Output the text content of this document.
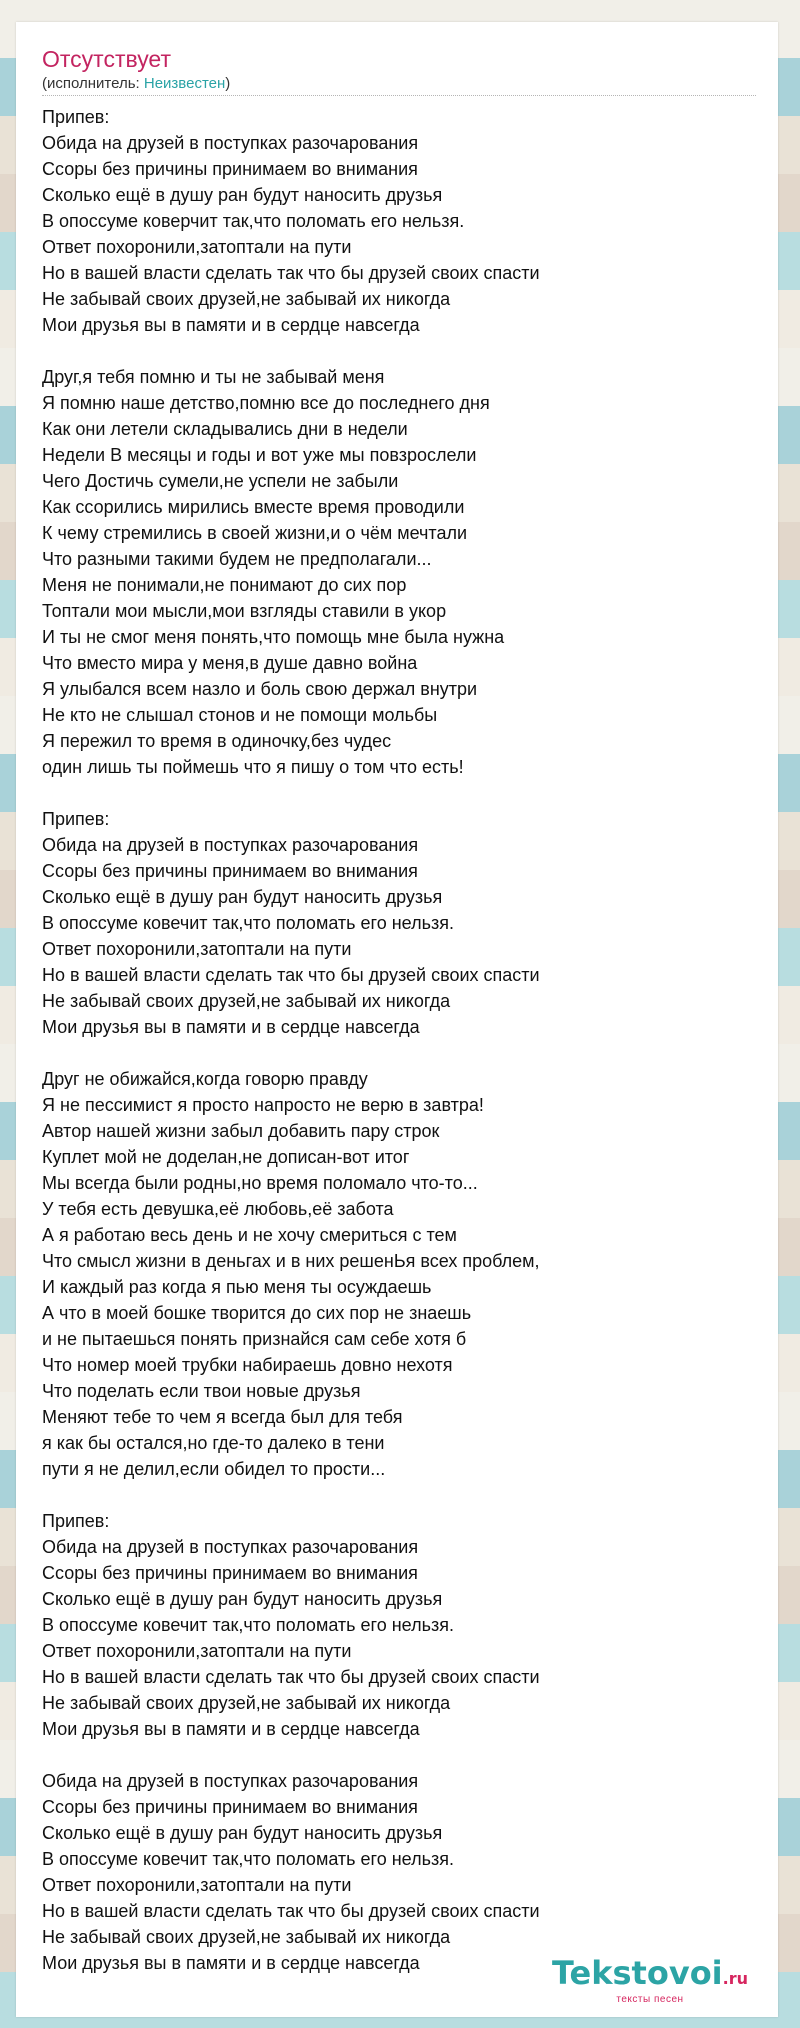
Отсутствует
(исполнитель: Неизвестен)
Припев:
Обида на друзей в поступках разочарования
Ссоры без причины принимаем во внимания
Сколько ещё в душу ран будут наносить друзья
В опоссуме коверчит так,что поломать его нельзя.
Ответ похоронили,затоптали на пути
Но в вашей власти сделать так что бы друзей своих спасти
Не забывай своих друзей,не забывай их никогда
Мои друзья вы в памяти и в сердце навсегда
Друг,я тебя помню и ты не забывай меня
Я помню наше детство,помню все до последнего дня
Как они летели складывались дни в недели
Недели В месяцы и годы и вот уже мы повзрослели
Чего Достичь сумели,не успели не забыли
Как ссорились мирились вместе время проводили
К чему стремились в своей жизни,и о чём мечтали
Что разными такими будем не предполагали...
Меня не понимали,не понимают до сих пор
Топтали мои мысли,мои взгляды ставили в укор
И ты не смог меня понять,что помощь мне была нужна
Что вместо мира у меня,в душе давно война
Я улыбался всем назло и боль свою держал внутри
Не кто не слышал стонов и не помощи мольбы
Я пережил то время в одиночку,без чудес
один лишь ты поймешь что я пишу о том что есть!
Припев:
Обида на друзей в поступках разочарования
Ссоры без причины принимаем во внимания
Сколько ещё в душу ран будут наносить друзья
В опоссуме ковечит так,что поломать его нельзя.
Ответ похоронили,затоптали на пути
Но в вашей власти сделать так что бы друзей своих спасти
Не забывай своих друзей,не забывай их никогда
Мои друзья вы в памяти и в сердце навсегда
Друг не обижайся,когда говорю правду
Я не пессимист я просто напросто не верю в завтра!
Автор нашей жизни забыл добавить пару строк
Куплет мой не доделан,не дописан-вот итог
Мы всегда были родны,но время поломало что-то...
У тебя есть девушка,её любовь,её забота
А я работаю весь день и не хочу смериться с тем
Что смысл жизни в деньгах и в них решенЬя всех проблем,
И каждый раз когда я пью меня ты осуждаешь
А что в моей бошке творится до сих пор не знаешь
и не пытаешься понять признайся сам себе хотя б
Что номер моей трубки набираешь довно нехотя
Что поделать если твои новые друзья
Меняют тебе то чем я всегда был для тебя
я как бы остался,но где-то далеко в тени
пути я не делил,если обидел то прости...
Припев:
Обида на друзей в поступках разочарования
Ссоры без причины принимаем во внимания
Сколько ещё в душу ран будут наносить друзья
В опоссуме ковечит так,что поломать его нельзя.
Ответ похоронили,затоптали на пути
Но в вашей власти сделать так что бы друзей своих спасти
Не забывай своих друзей,не забывай их никогда
Мои друзья вы в памяти и в сердце навсегда
Обида на друзей в поступках разочарования
Ссоры без причины принимаем во внимания
Сколько ещё в душу ран будут наносить друзья
В опоссуме ковечит так,что поломать его нельзя.
Ответ похоронили,затоптали на пути
Но в вашей власти сделать так что бы друзей своих спасти
Не забывай своих друзей,не забывай их никогда
Мои друзья вы в памяти и в сердце навсегда	Tekstovoi.ru
тексты песен
